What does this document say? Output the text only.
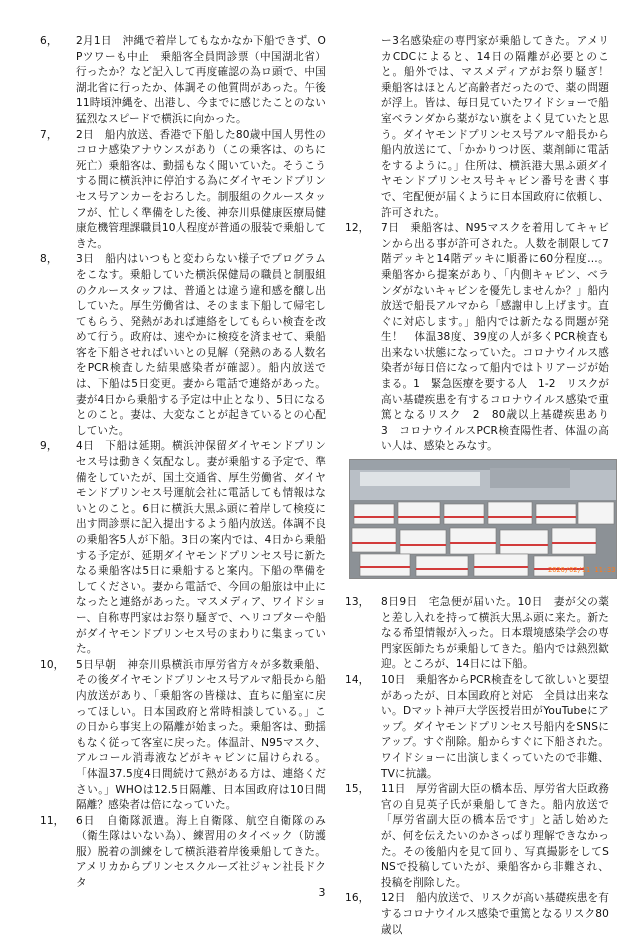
6，	2月1日　沖縄で着岸してもなかなか下船できず、OPツワーも中止　乗船客全員問診票（中国湖北省）行ったか？など記入して再度確認の為ロ頭で、中国湖北省に行ったか、体調その他質問があった。午後11時頃沖縄を、出港し、今までに感じたことのない猛烈なスピードで横浜に向かった。
7，	2日　船内放送、香港で下船した80歳中国人男性のコロナ感染アナウンスがあり（この乗客は、のちに死亡）乗船客は、動揺もなく聞いていた。そうこうする間に横浜沖に停泊する為にダイヤモンドプリンセス号アンカーをおろした。制服組のクルースタッフが、忙しく準備をした後、神奈川県健康医療局健康危機管理課職員10人程度が普通の服装で乗船してきた。
8，	3日　船内はいつもと変わらない様子でプログラムをこなす。乗船していた横浜保健局の職員と制服組のクルースタッフは、普通とは違う違和感を醸し出していた。厚生労働省は、そのまま下船して帰宅してもらう、発熱があれば連絡をしてもらい検査を改めて行う。政府は、速やかに検疫を済ませて、乗船客を下船させればいいとの見解（発熱のある人数名をPCR検査した結果感染者が確認）。船内放送では、下船は5日変更。妻から電話で連絡があった。妻が4日から乗船する予定は中止となり、5日になるとのこと。妻は、大変なことが起きているとの心配していた。
9，	4日　下船は延期。横浜沖保留ダイヤモンドプリンセス号は動きく気配なし。妻が乗船する予定で、準備をしていたが、国土交通省、厚生労働省、ダイヤモンドプリンセス号運航会社に電話しても情報はないとのこと。6日に横浜大黒ふ頭に着岸して検疫に出す問診票に記入提出するよう船内放送。体調不良の乗船客5人が下船。3日の案内では、4日から乗船する予定が、延期ダイヤモンドプリンセス号に新たなる乗船客は5日に乗船すると案内。下船の準備をしてください。妻から電話で、今回の船旅は中止になったと連絡があった。マスメディア、ワイドショー、自称専門家はお祭り騒ぎで、ヘリコプターや船がダイヤモンドプリンセス号のまわりに集まっていた。
10，	5日早朝　神奈川県横浜市厚労省方々が多数乗船、その後ダイヤモンドプリンセス号アルマ船長から船内放送があり、「乗船客の皆様は、直ちに船室に戻ってほしい。日本国政府と常時相談している。」この日から事実上の隔離が始まった。乗船客は、動揺もなく従って客室に戻った。体温計、N95マスク、アルコール消毒液などがキャビンに届けられる。「体温37.5度4日間続けて熱がある方は、連絡ください。」WHOは12.5日隔離、日本国政府は10日間隔離？感染者は倍になっていた。
11，	6日　自衛隊派遣。海上自衛隊、航空自衛隊のみ（衛生隊はいない為）、練習用のタイベック（防護服）脱着の訓練をして横浜港着岸後乗船してきた。アメリカからプリンセスクルーズ社ジャン社長ドクタ
ー3名感染症の専門家が乗船してきた。アメリカCDCによると、14日の隔離が必要とのこと。船外では、マスメディアがお祭り騒ぎ！　乗船客はほとんど高齢者だったので、薬の問題が浮上。皆は、毎日見ていたワイドショーで船室ベランダから薬がない旗をよく見ていたと思う。ダイヤモンドプリンセス号アルマ船長から船内放送にて、「かかりつけ医、薬剤師に電話をするように。」住所は、横浜港大黒ふ頭ダイヤモンドプリンセス号キャビン番号を書く事で、宅配便が届くように日本国政府に依頼し、許可された。
12，	7日　乗船客は、N95マスクを着用してキャビンから出る事が許可された。人数を制限して7階デッキと14階デッキに順番に60分程度…。乗船客から提案があり、「内側キャビン、ベランダがないキャビンを優先しませんか？」船内放送で船長アルマから「感謝申し上げます。直ぐに対応します。」船内では新たなる問題が発生！　体温38度、39度の人が多くPCR検査も出来ない状態になっていた。コロナウイルス感染者が毎日倍になって船内ではトリアージが始まる。1　緊急医療を要する人　1-2　リスクが高い基礎疾患を有するコロナウイルス感染で重篤となるリスク　2　80歳以上基礎疾患あり　3　コロナウイルスPCR検査陽性者、体温の高い人は、感染とみなす。
13，	8日9日　宅急便が届いた。10日　妻が父の薬と差し入れを持って横浜大黒ふ頭に来た。新たなる希望情報が入った。日本環境感染学会の専門家医師たちが乗船してきた。船内では熱烈歓迎。ところが、14日には下船。
14，	10日　乗船客からPCR検査をして欲しいと要望があったが、日本国政府と対応　全員は出来ない。Dマット神戸大学医授岩田がYouTubeにアップ。ダイヤモンドプリンセス号船内をSNSにアップ。すぐ削除。船からすぐに下船された。ワイドショーに出演しまくっていたので非難、TVに抗議。
15，	11日　厚労省副大臣の橋本岳、厚労省大臣政務官の自見英子氏が乗船してきた。船内放送で「厚労省副大臣の橋本岳です」と話し始めたが、何を伝えたいのかさっぱり理解できなかった。その後船内を見て回り、写真撮影をしてSNSで投稿していたが、乗船客から非難され、投稿を削除した。
16，	12日　船内放送で、リスクが高い基礎疾患を有するコロナウイルス感染で重篤となるリスク80歳以
2020/02/11 11:33
3
